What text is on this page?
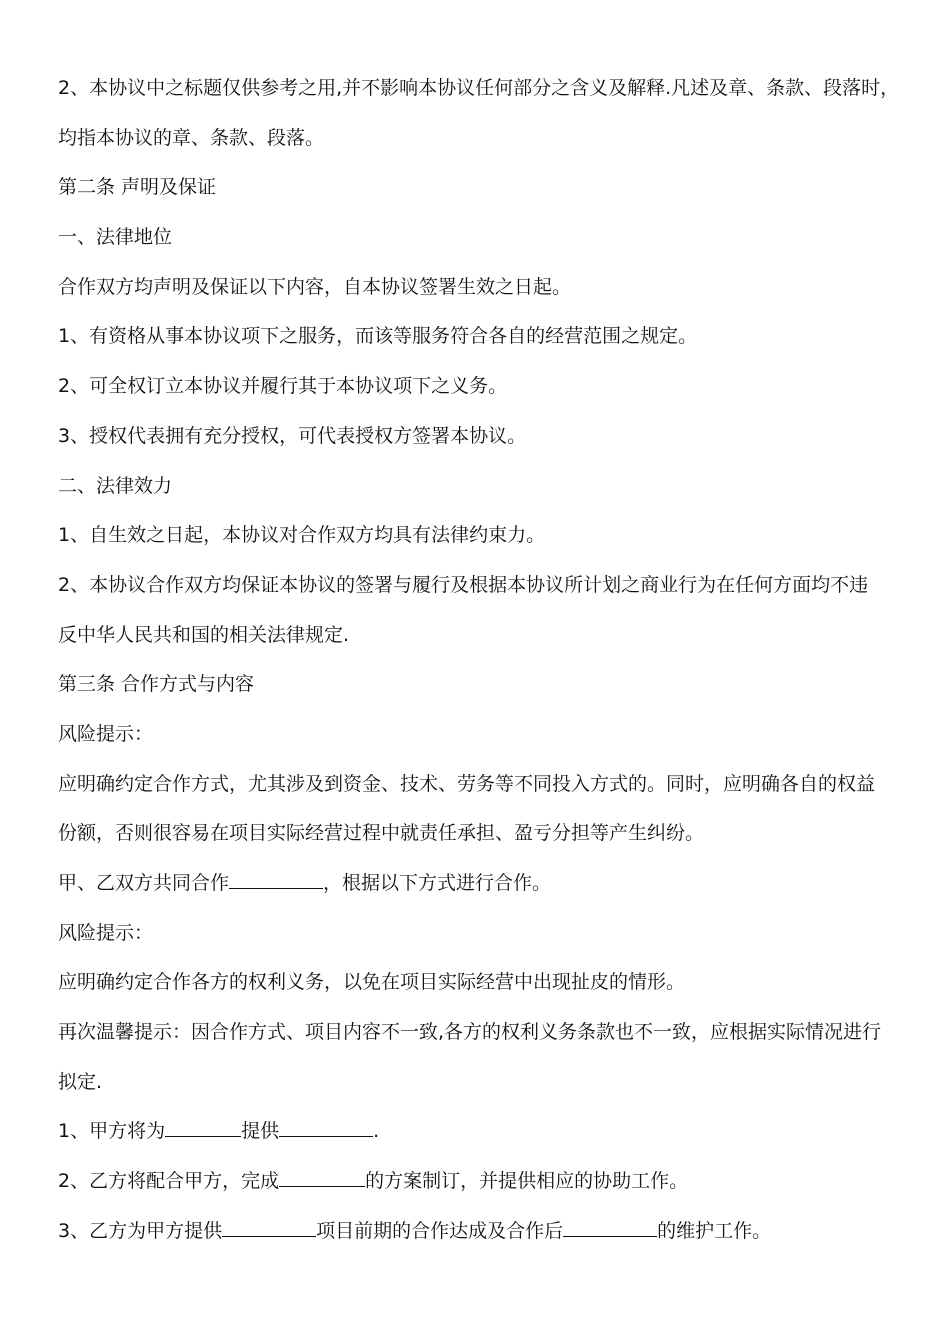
2、本协议中之标题仅供参考之用,并不影响本协议任何部分之含义及解释.凡述及章、条款、段落时，
均指本协议的章、条款、段落。
第二条 声明及保证
一、法律地位
合作双方均声明及保证以下内容，自本协议签署生效之日起。
1、有资格从事本协议项下之服务，而该等服务符合各自的经营范围之规定。
2、可全权订立本协议并履行其于本协议项下之义务。
3、授权代表拥有充分授权，可代表授权方签署本协议。
二、法律效力
1、自生效之日起，本协议对合作双方均具有法律约束力。
2、本协议合作双方均保证本协议的签署与履行及根据本协议所计划之商业行为在任何方面均不违
反中华人民共和国的相关法律规定.
第三条 合作方式与内容
风险提示：
应明确约定合作方式，尤其涉及到资金、技术、劳务等不同投入方式的。同时，应明确各自的权益
份额，否则很容易在项目实际经营过程中就责任承担、盈亏分担等产生纠纷。
甲、乙双方共同合作	，根据以下方式进行合作。
风险提示：
应明确约定合作各方的权利义务，以免在项目实际经营中出现扯皮的情形。
再次温馨提示：因合作方式、项目内容不一致,各方的权利义务条款也不一致，应根据实际情况进行
拟定.
1、甲方将为	提供	.
2、乙方将配合甲方，完成	的方案制订，并提供相应的协助工作。
3、乙方为甲方提供	项目前期的合作达成及合作后	的维护工作。
